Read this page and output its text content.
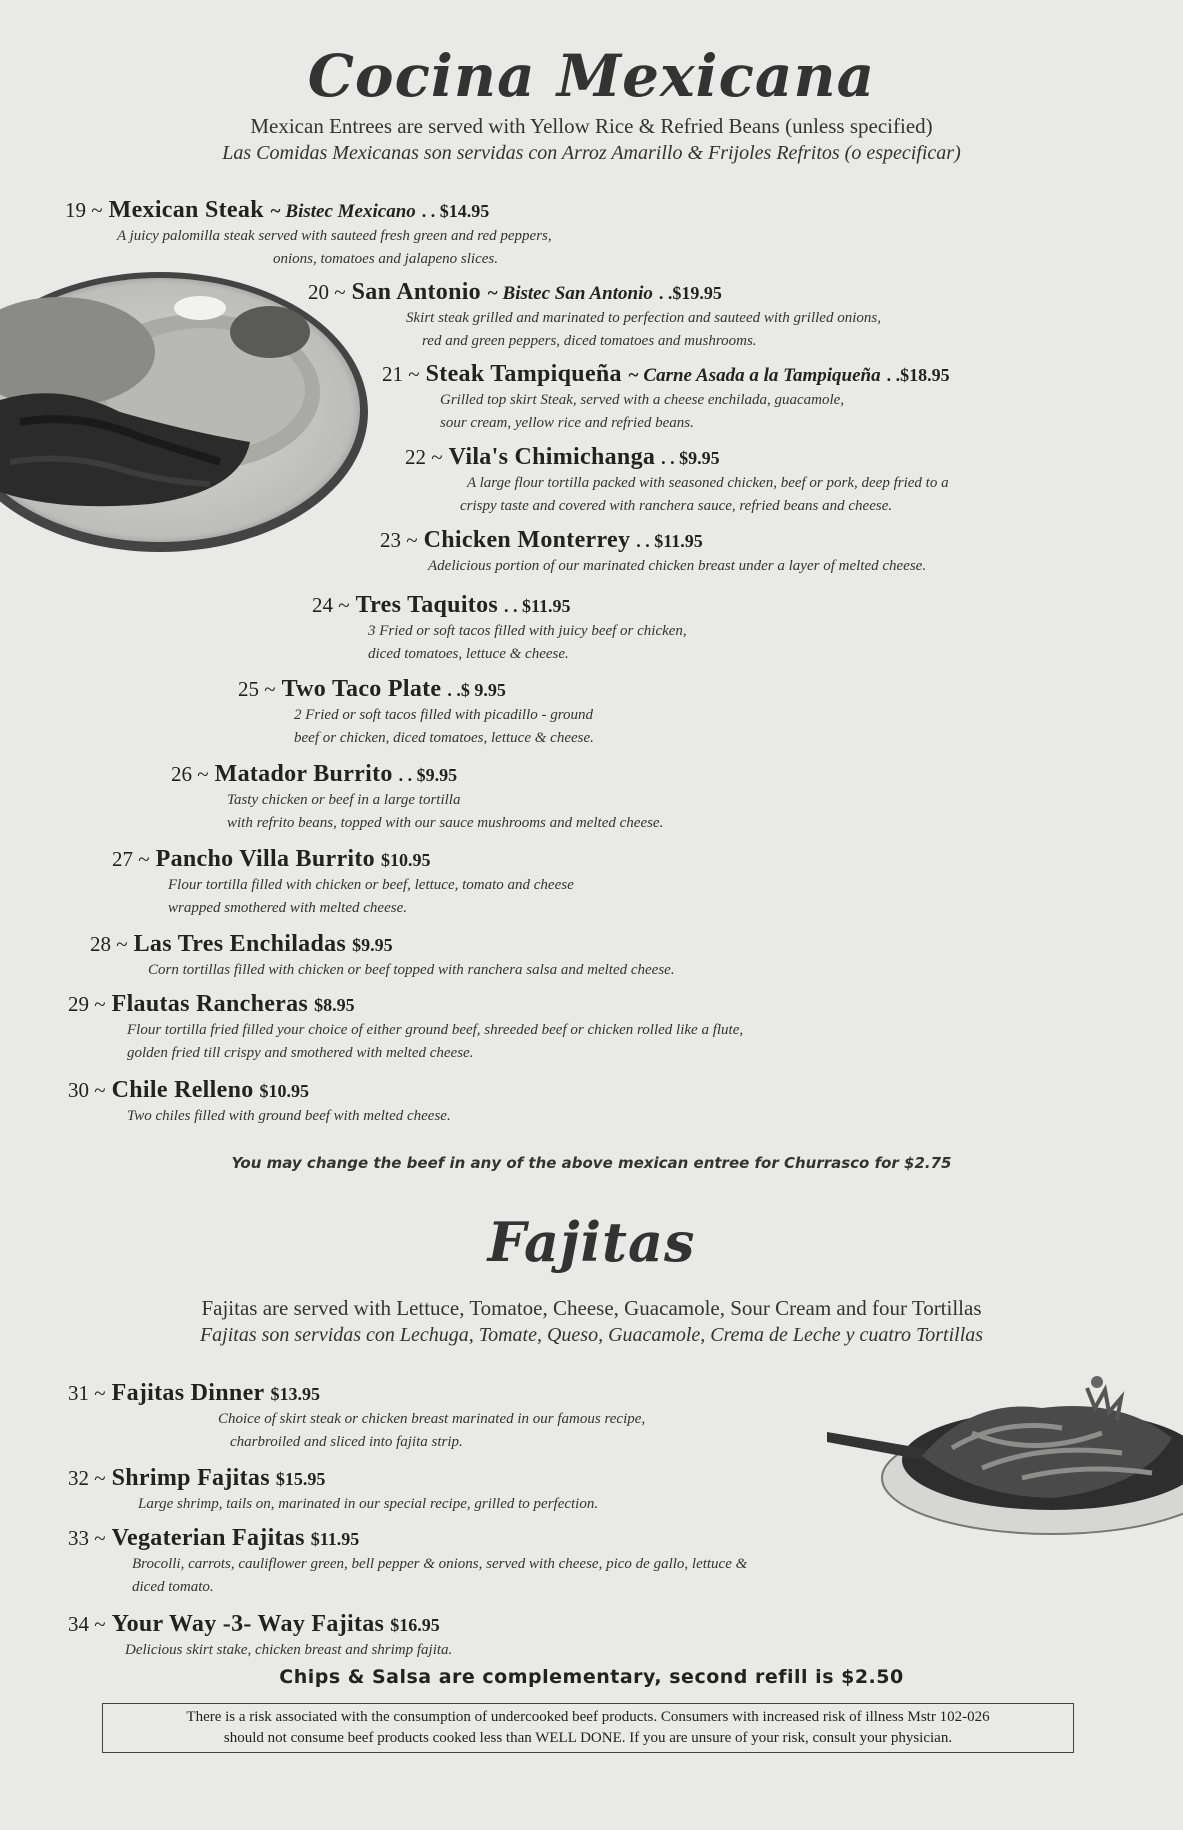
Cocina Mexicana
Mexican Entrees are served with Yellow Rice & Refried Beans (unless specified)
Las Comidas Mexicanas son servidas con Arroz Amarillo & Frijoles Refritos (o especificar)
19 ~ Mexican Steak ~ Bistec Mexicano . . $14.95
A juicy palomilla steak served with sauteed fresh green and red peppers,
onions, tomatoes and jalapeno slices.
20 ~ San Antonio ~ Bistec San Antonio . .$19.95
Skirt steak grilled and marinated to perfection and sauteed with grilled onions,
red and green peppers, diced tomatoes and mushrooms.
21 ~ Steak Tampiqueña ~ Carne Asada a la Tampiqueña . .$18.95
Grilled top skirt Steak, served with a cheese enchilada, guacamole,
sour cream, yellow rice and refried beans.
22 ~ Vila's Chimichanga . . $9.95
A large flour tortilla packed with seasoned chicken, beef or pork, deep fried to a
crispy taste and covered with ranchera sauce, refried beans and cheese.
23 ~ Chicken Monterrey . . $11.95
Adelicious portion of our marinated chicken breast under a layer of melted cheese.
24 ~ Tres Taquitos . . $11.95
3 Fried or soft tacos filled with juicy beef or chicken,
diced tomatoes, lettuce & cheese.
25 ~ Two Taco Plate . .$ 9.95
2 Fried or soft tacos filled with picadillo - ground
beef or chicken, diced tomatoes, lettuce & cheese.
26 ~ Matador Burrito . . $9.95
Tasty chicken or beef in a large tortilla
with refrito beans, topped with our sauce mushrooms and melted cheese.
27 ~ Pancho Villa Burrito $10.95
Flour tortilla filled with chicken or beef, lettuce, tomato and cheese
wrapped smothered with melted cheese.
28 ~ Las Tres Enchiladas $9.95
Corn tortillas filled with chicken or beef topped with ranchera salsa and melted cheese.
29 ~ Flautas Rancheras $8.95
Flour tortilla fried filled your choice of either ground beef, shreeded beef or chicken rolled like a flute,
golden fried till crispy and smothered with melted cheese.
30 ~ Chile Relleno $10.95
Two chiles filled with ground beef with melted cheese.
You may change the beef in any of the above mexican entree for Churrasco for $2.75
Fajitas
Fajitas are served with Lettuce, Tomatoe, Cheese, Guacamole, Sour Cream and four Tortillas
Fajitas son servidas con Lechuga, Tomate, Queso, Guacamole, Crema de Leche y cuatro Tortillas
31 ~ Fajitas Dinner $13.95
Choice of skirt steak or chicken breast marinated in our famous recipe,
charbroiled and sliced into fajita strip.
32 ~ Shrimp Fajitas $15.95
Large shrimp, tails on, marinated in our special recipe, grilled to perfection.
33 ~ Vegaterian Fajitas $11.95
Brocolli, carrots, cauliflower green, bell pepper & onions, served with cheese, pico de gallo, lettuce &
diced tomato.
34 ~ Your Way -3- Way Fajitas $16.95
Delicious skirt stake, chicken breast and shrimp fajita.
Chips & Salsa are complementary, second refill is $2.50
There is a risk associated with the consumption of undercooked beef products. Consumers with increased risk of illness Mstr 102-026
should not consume beef products cooked less than WELL DONE. If you are unsure of your risk, consult your physician.
